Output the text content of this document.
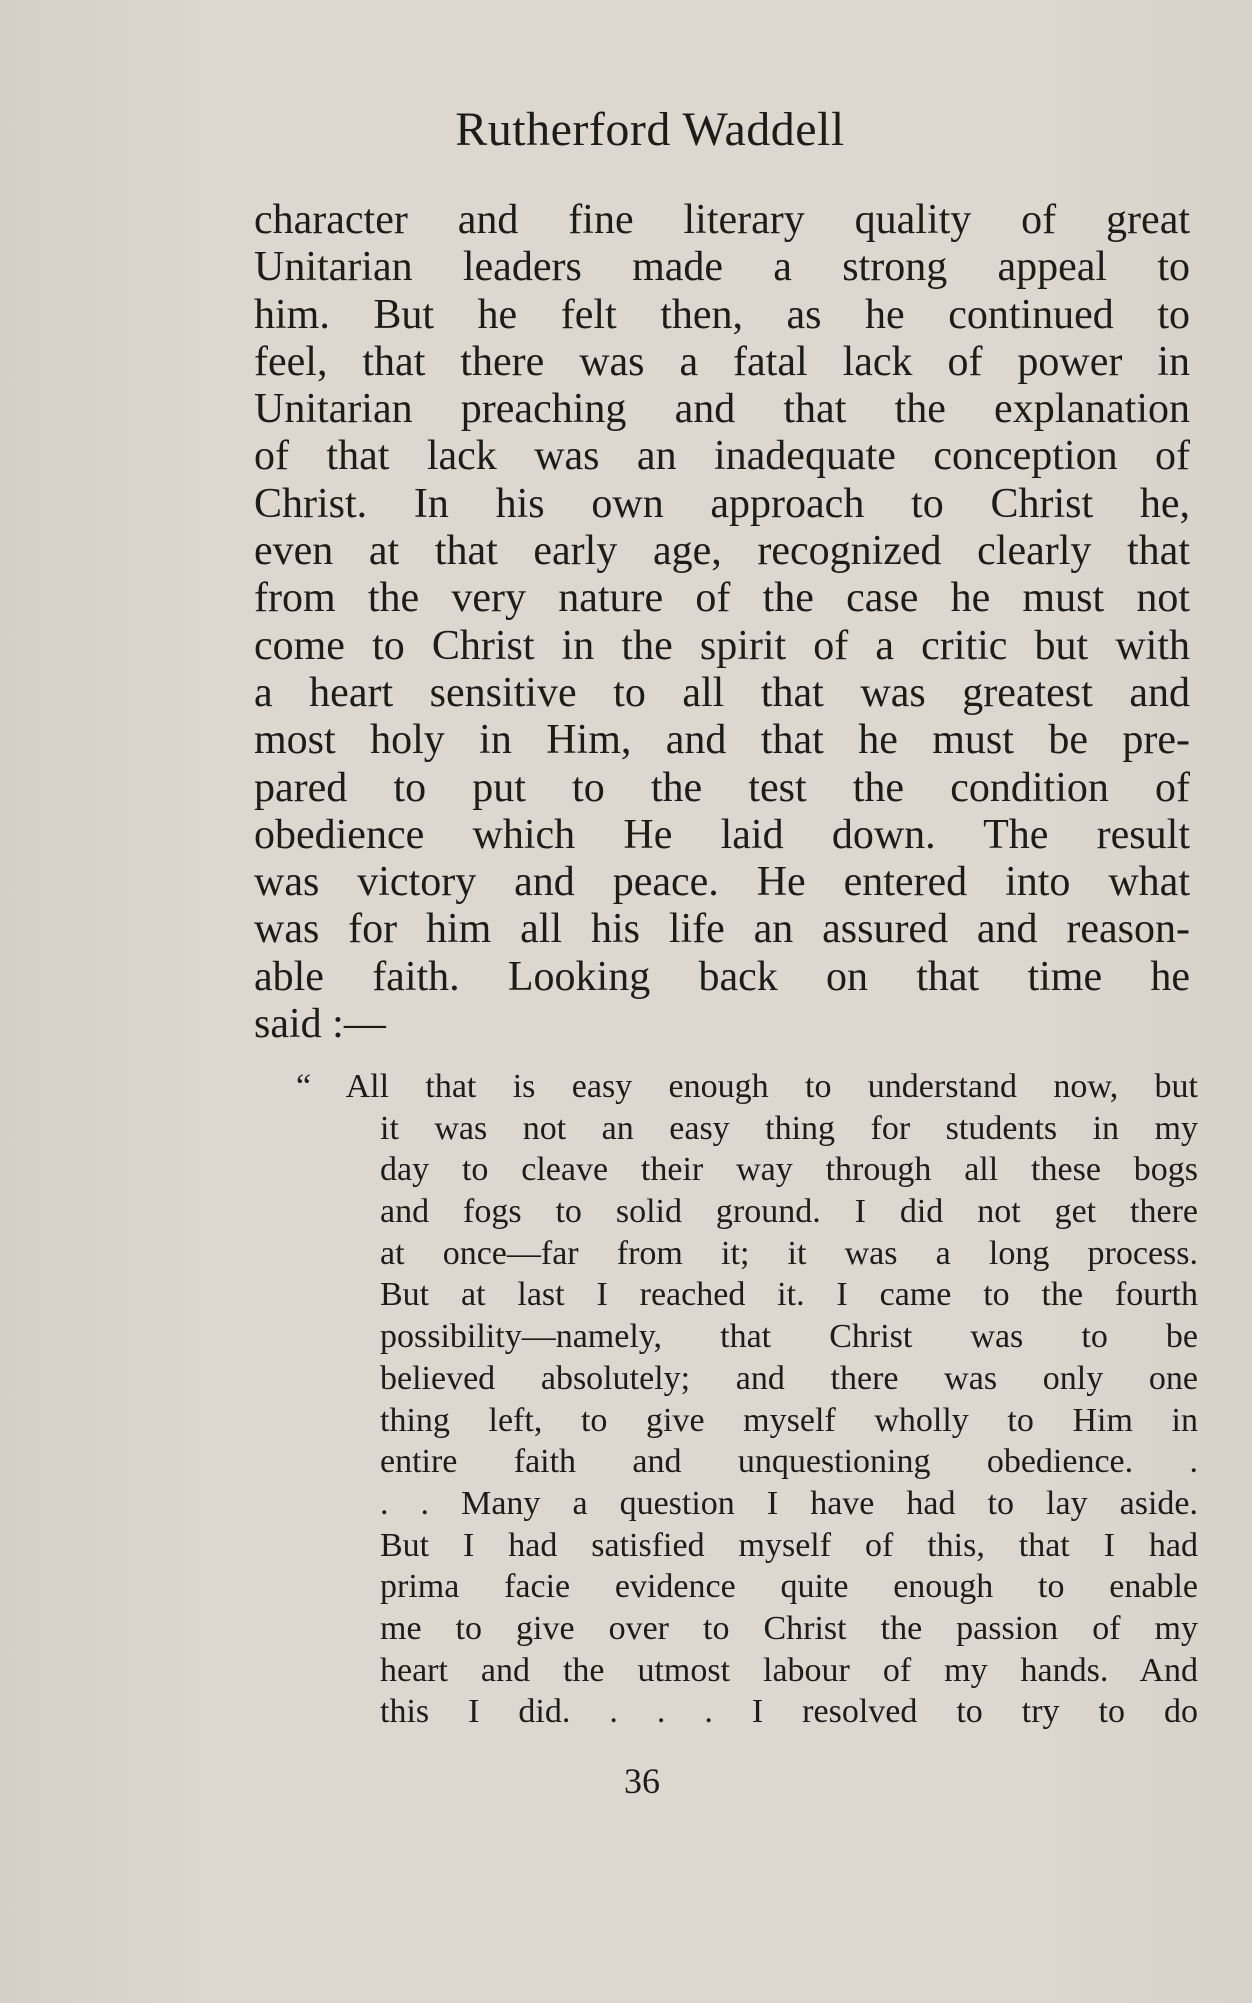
Rutherford Waddell
character and fine literary quality of great
Unitarian leaders made a strong appeal to
him. But he felt then, as he continued to
feel, that there was a fatal lack of power in
Unitarian preaching and that the explanation
of that lack was an inadequate conception of
Christ. In his own approach to Christ he,
even at that early age, recognized clearly that
from the very nature of the case he must not
come to Christ in the spirit of a critic but with
a heart sensitive to all that was greatest and
most holy in Him, and that he must be pre-
pared to put to the test the condition of
obedience which He laid down. The result
was victory and peace. He entered into what
was for him all his life an assured and reason-
able faith. Looking back on that time he
said :—
“ All that is easy enough to understand now, but
it was not an easy thing for students in my
day to cleave their way through all these bogs
and fogs to solid ground. I did not get there
at once—far from it; it was a long process.
But at last I reached it. I came to the fourth
possibility—namely, that Christ was to be
believed absolutely; and there was only one
thing left, to give myself wholly to Him in
entire faith and unquestioning obedience. .
. . Many a question I have had to lay aside.
But I had satisfied myself of this, that I had
prima facie evidence quite enough to enable
me to give over to Christ the passion of my
heart and the utmost labour of my hands. And
this I did. . . . I resolved to try to do
36
